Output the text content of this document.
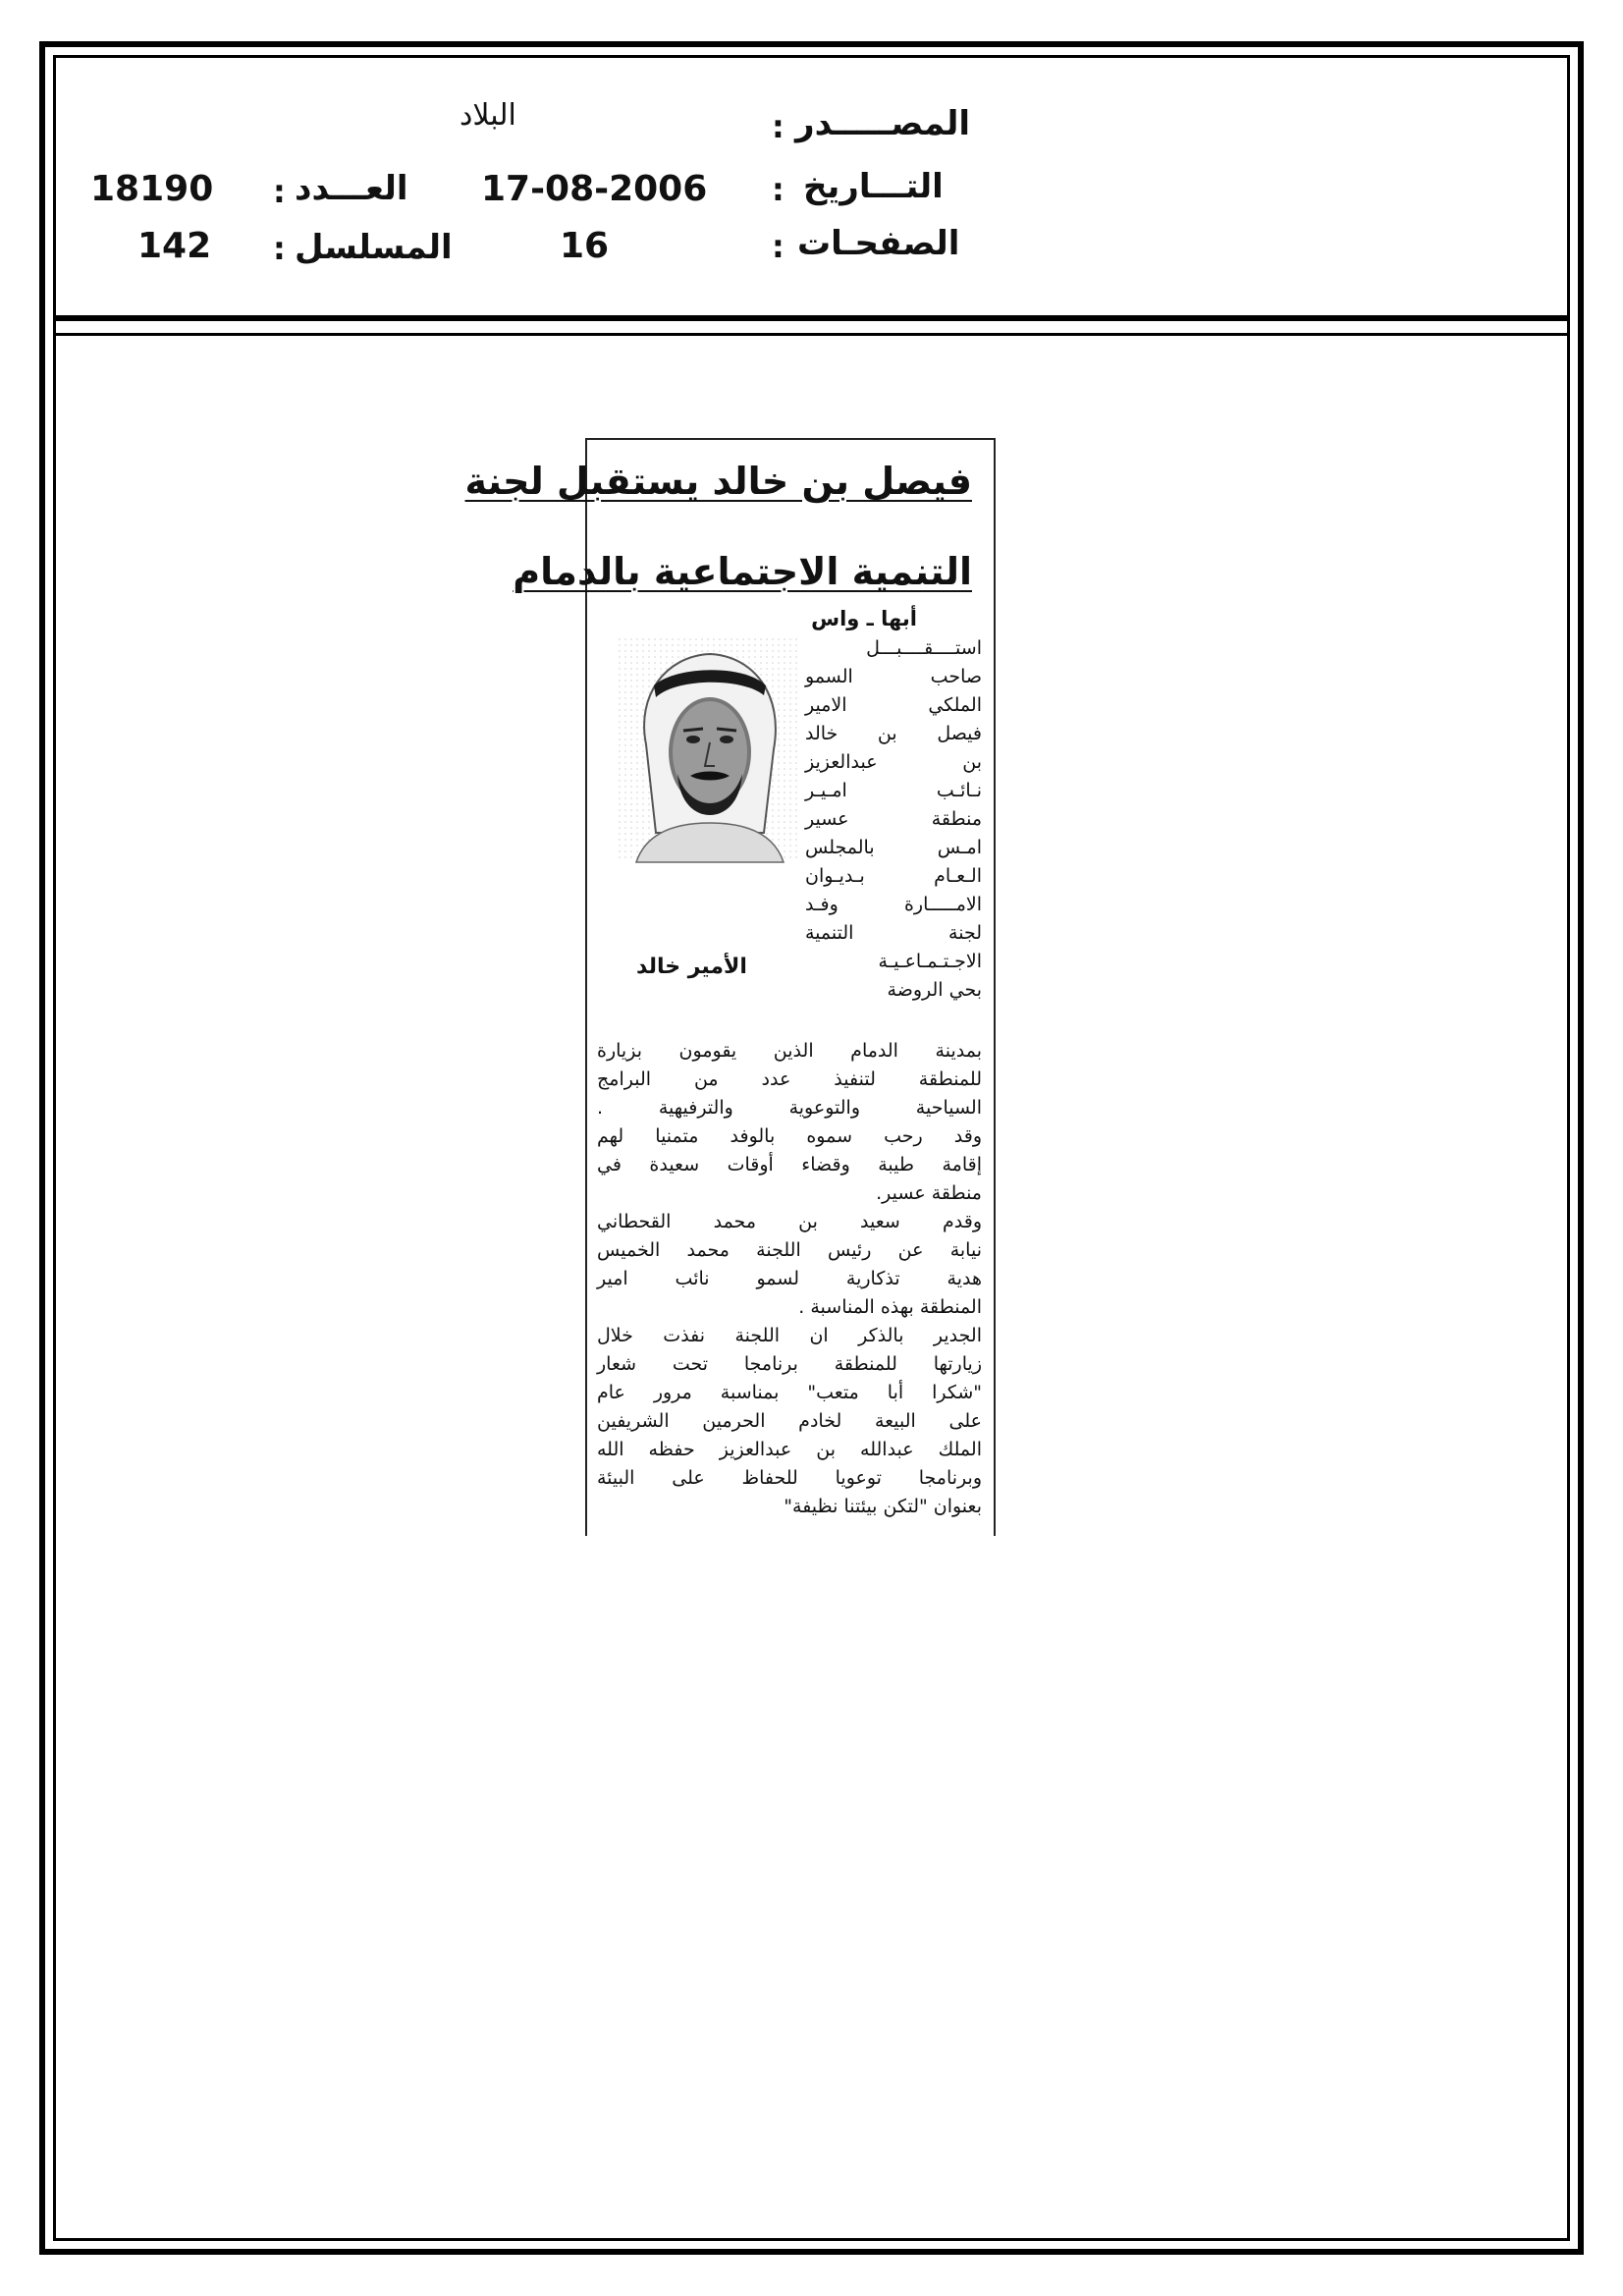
المصـــــدر
:
البلاد
التـــاريخ
:
17-08-2006
العـــدد
:
18190
الصفحـات
:
16
المسلسل
:
142
فيصل بن خالد يستقبل لجنة
التنمية الاجتماعية بالدمام
أبها ـ واس
الأمير خالد
استــــقــــبـــل
صاحب السمو
الملكي الامير
فيصل بن خالد
بن عبدالعزيز
نـائـب امـيـر
منطقة عسير
امـس بالمجلس
الـعـام بـديـوان
الامـــــارة وفـد
لجنة التنمية
الاجـتـمـاعـيـة
بحي الروضة
بمدينة الدمام الذين يقومون بزيارة
للمنطقة لتنفيذ عدد من البرامج
السياحية والتوعوية والترفيهية .
وقد رحب سموه بالوفد متمنيا لهم
إقامة طيبة وقضاء أوقات سعيدة في
منطقة عسير.
وقدم سعيد بن محمد القحطاني
نيابة عن رئيس اللجنة محمد الخميس
هدية تذكارية لسمو نائب امير
المنطقة بهذه المناسبة .
الجدير بالذكر ان اللجنة نفذت خلال
زيارتها للمنطقة برنامجا تحت شعار
"شكرا أبا متعب" بمناسبة مرور عام
على البيعة لخادم الحرمين الشريفين
الملك عبدالله بن عبدالعزيز حفظه الله
وبرنامجا توعويا للحفاظ على البيئة
بعنوان "لتكن بيئتنا نظيفة"
